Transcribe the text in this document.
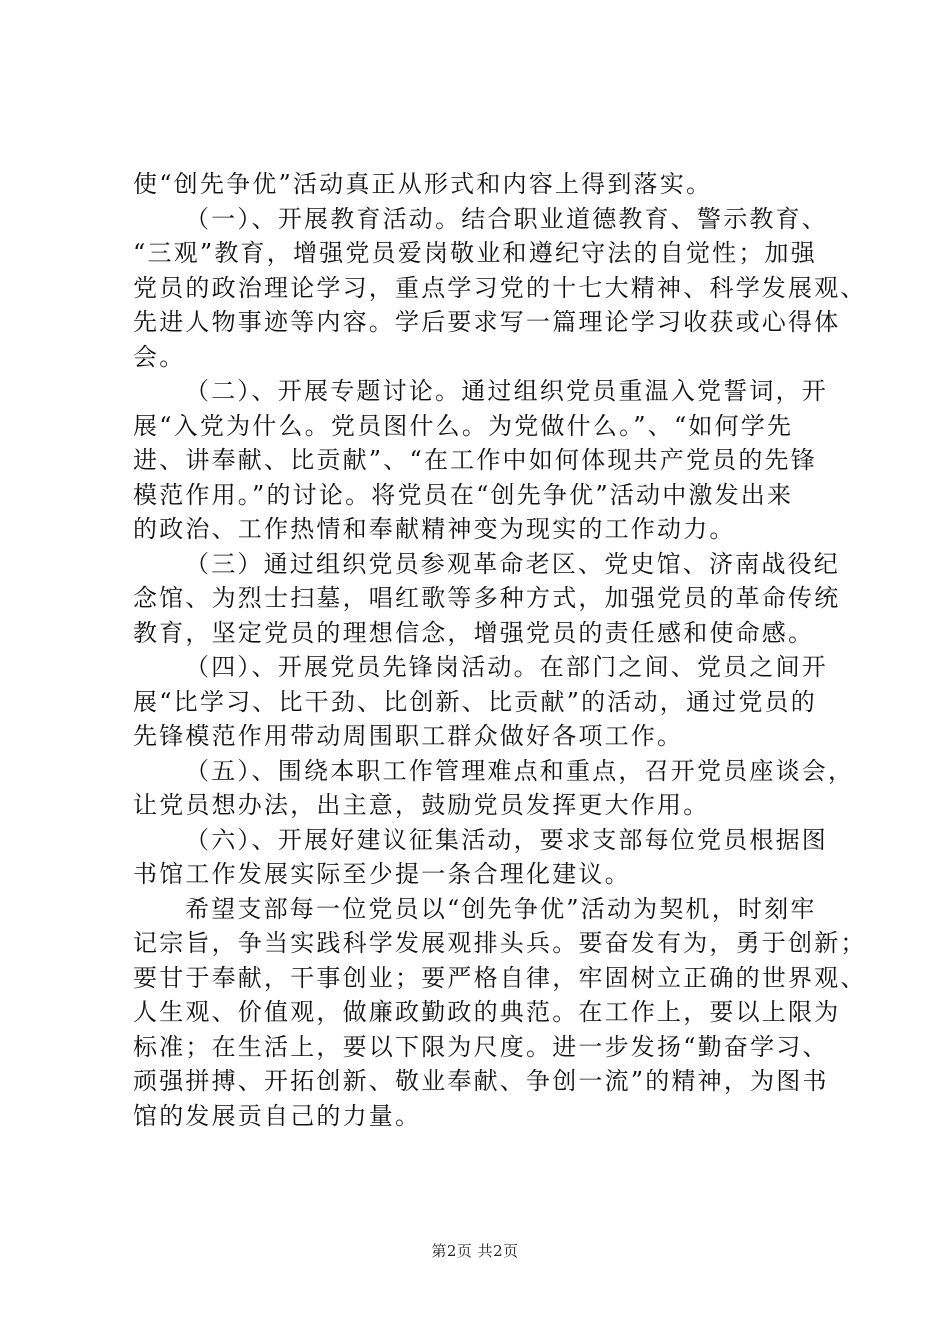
使“创先争优”活动真正从形式和内容上得到落实。

（一）、开展教育活动。结合职业道德教育、警示教育、
“三观”教育，增强党员爱岗敬业和遵纪守法的自觉性；加强
党员的政治理论学习，重点学习党的十七大精神、科学发展观、
先进人物事迹等内容。学后要求写一篇理论学习收获或心得体
会。

（二）、开展专题讨论。通过组织党员重温入党誓词，开
展“入党为什么。党员图什么。为党做什么。”、“如何学先
进、讲奉献、比贡献”、“在工作中如何体现共产党员的先锋
模范作用。”的讨论。将党员在“创先争优”活动中激发出来
的政治、工作热情和奉献精神变为现实的工作动力。

（三）通过组织党员参观革命老区、党史馆、济南战役纪
念馆、为烈士扫墓，唱红歌等多种方式，加强党员的革命传统
教育，坚定党员的理想信念，增强党员的责任感和使命感。

（四）、开展党员先锋岗活动。在部门之间、党员之间开
展“比学习、比干劲、比创新、比贡献”的活动，通过党员的
先锋模范作用带动周围职工群众做好各项工作。

（五）、围绕本职工作管理难点和重点，召开党员座谈会，
让党员想办法，出主意，鼓励党员发挥更大作用。

（六）、开展好建议征集活动，要求支部每位党员根据图
书馆工作发展实际至少提一条合理化建议。

希望支部每一位党员以“创先争优”活动为契机，时刻牢
记宗旨，争当实践科学发展观排头兵。要奋发有为，勇于创新；
要甘于奉献，干事创业；要严格自律，牢固树立正确的世界观、
人生观、价值观，做廉政勤政的典范。在工作上，要以上限为
标准；在生活上，要以下限为尺度。进一步发扬“勤奋学习、
顽强拼搏、开拓创新、敬业奉献、争创一流”的精神，为图书
馆的发展贡自己的力量。

第2页 共2页
